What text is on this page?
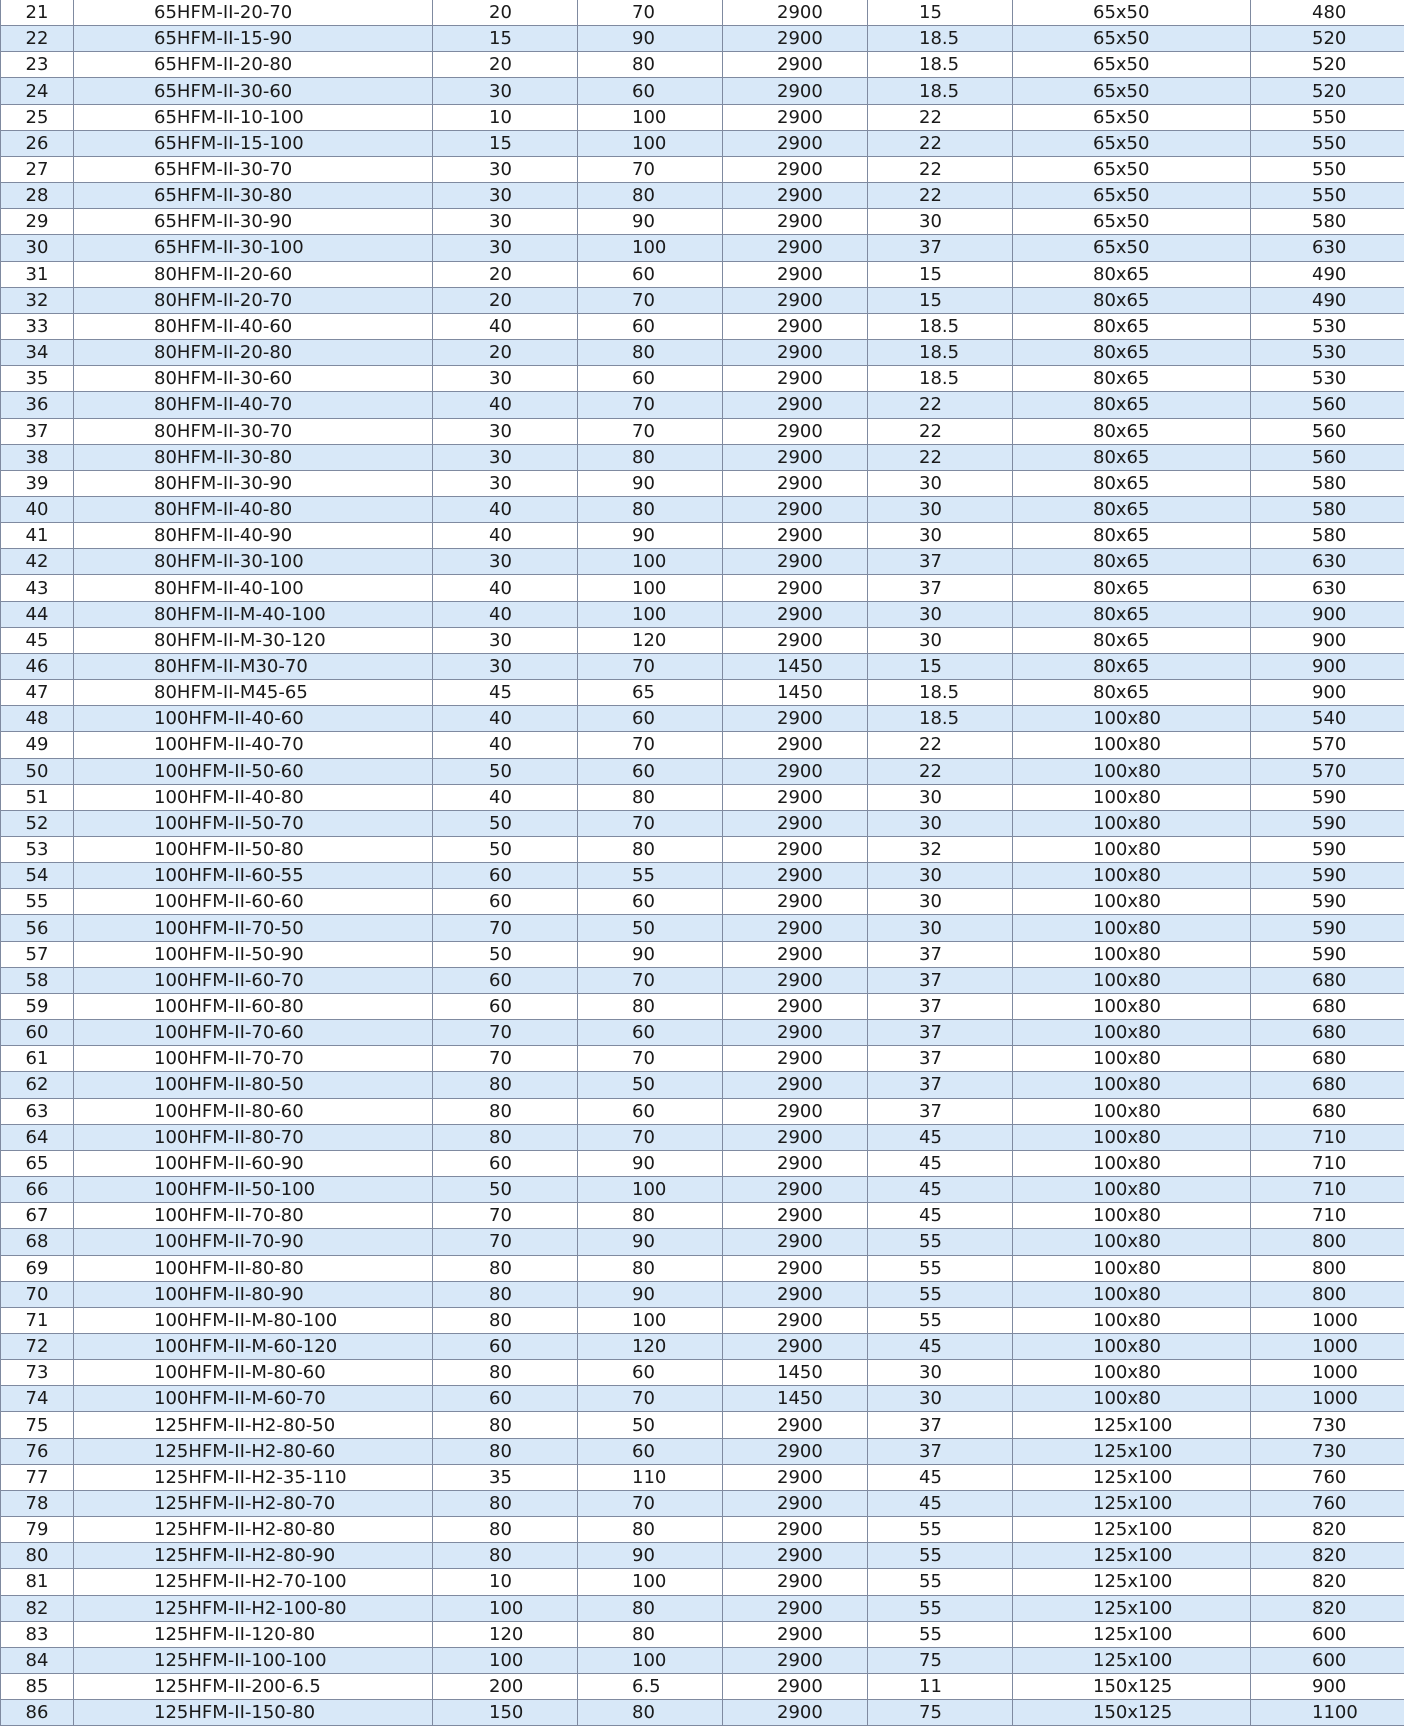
21	65HFM-II-20-70	20	70	2900	15	65x50	480
22	65HFM-II-15-90	15	90	2900	18.5	65x50	520
23	65HFM-II-20-80	20	80	2900	18.5	65x50	520
24	65HFM-II-30-60	30	60	2900	18.5	65x50	520
25	65HFM-II-10-100	10	100	2900	22	65x50	550
26	65HFM-II-15-100	15	100	2900	22	65x50	550
27	65HFM-II-30-70	30	70	2900	22	65x50	550
28	65HFM-II-30-80	30	80	2900	22	65x50	550
29	65HFM-II-30-90	30	90	2900	30	65x50	580
30	65HFM-II-30-100	30	100	2900	37	65x50	630
31	80HFM-II-20-60	20	60	2900	15	80x65	490
32	80HFM-II-20-70	20	70	2900	15	80x65	490
33	80HFM-II-40-60	40	60	2900	18.5	80x65	530
34	80HFM-II-20-80	20	80	2900	18.5	80x65	530
35	80HFM-II-30-60	30	60	2900	18.5	80x65	530
36	80HFM-II-40-70	40	70	2900	22	80x65	560
37	80HFM-II-30-70	30	70	2900	22	80x65	560
38	80HFM-II-30-80	30	80	2900	22	80x65	560
39	80HFM-II-30-90	30	90	2900	30	80x65	580
40	80HFM-II-40-80	40	80	2900	30	80x65	580
41	80HFM-II-40-90	40	90	2900	30	80x65	580
42	80HFM-II-30-100	30	100	2900	37	80x65	630
43	80HFM-II-40-100	40	100	2900	37	80x65	630
44	80HFM-II-M-40-100	40	100	2900	30	80x65	900
45	80HFM-II-M-30-120	30	120	2900	30	80x65	900
46	80HFM-II-M30-70	30	70	1450	15	80x65	900
47	80HFM-II-M45-65	45	65	1450	18.5	80x65	900
48	100HFM-II-40-60	40	60	2900	18.5	100x80	540
49	100HFM-II-40-70	40	70	2900	22	100x80	570
50	100HFM-II-50-60	50	60	2900	22	100x80	570
51	100HFM-II-40-80	40	80	2900	30	100x80	590
52	100HFM-II-50-70	50	70	2900	30	100x80	590
53	100HFM-II-50-80	50	80	2900	32	100x80	590
54	100HFM-II-60-55	60	55	2900	30	100x80	590
55	100HFM-II-60-60	60	60	2900	30	100x80	590
56	100HFM-II-70-50	70	50	2900	30	100x80	590
57	100HFM-II-50-90	50	90	2900	37	100x80	590
58	100HFM-II-60-70	60	70	2900	37	100x80	680
59	100HFM-II-60-80	60	80	2900	37	100x80	680
60	100HFM-II-70-60	70	60	2900	37	100x80	680
61	100HFM-II-70-70	70	70	2900	37	100x80	680
62	100HFM-II-80-50	80	50	2900	37	100x80	680
63	100HFM-II-80-60	80	60	2900	37	100x80	680
64	100HFM-II-80-70	80	70	2900	45	100x80	710
65	100HFM-II-60-90	60	90	2900	45	100x80	710
66	100HFM-II-50-100	50	100	2900	45	100x80	710
67	100HFM-II-70-80	70	80	2900	45	100x80	710
68	100HFM-II-70-90	70	90	2900	55	100x80	800
69	100HFM-II-80-80	80	80	2900	55	100x80	800
70	100HFM-II-80-90	80	90	2900	55	100x80	800
71	100HFM-II-M-80-100	80	100	2900	55	100x80	1000
72	100HFM-II-M-60-120	60	120	2900	45	100x80	1000
73	100HFM-II-M-80-60	80	60	1450	30	100x80	1000
74	100HFM-II-M-60-70	60	70	1450	30	100x80	1000
75	125HFM-II-H2-80-50	80	50	2900	37	125x100	730
76	125HFM-II-H2-80-60	80	60	2900	37	125x100	730
77	125HFM-II-H2-35-110	35	110	2900	45	125x100	760
78	125HFM-II-H2-80-70	80	70	2900	45	125x100	760
79	125HFM-II-H2-80-80	80	80	2900	55	125x100	820
80	125HFM-II-H2-80-90	80	90	2900	55	125x100	820
81	125HFM-II-H2-70-100	10	100	2900	55	125x100	820
82	125HFM-II-H2-100-80	100	80	2900	55	125x100	820
83	125HFM-II-120-80	120	80	2900	55	125x100	600
84	125HFM-II-100-100	100	100	2900	75	125x100	600
85	125HFM-II-200-6.5	200	6.5	2900	11	150x125	900
86	125HFM-II-150-80	150	80	2900	75	150x125	1100
